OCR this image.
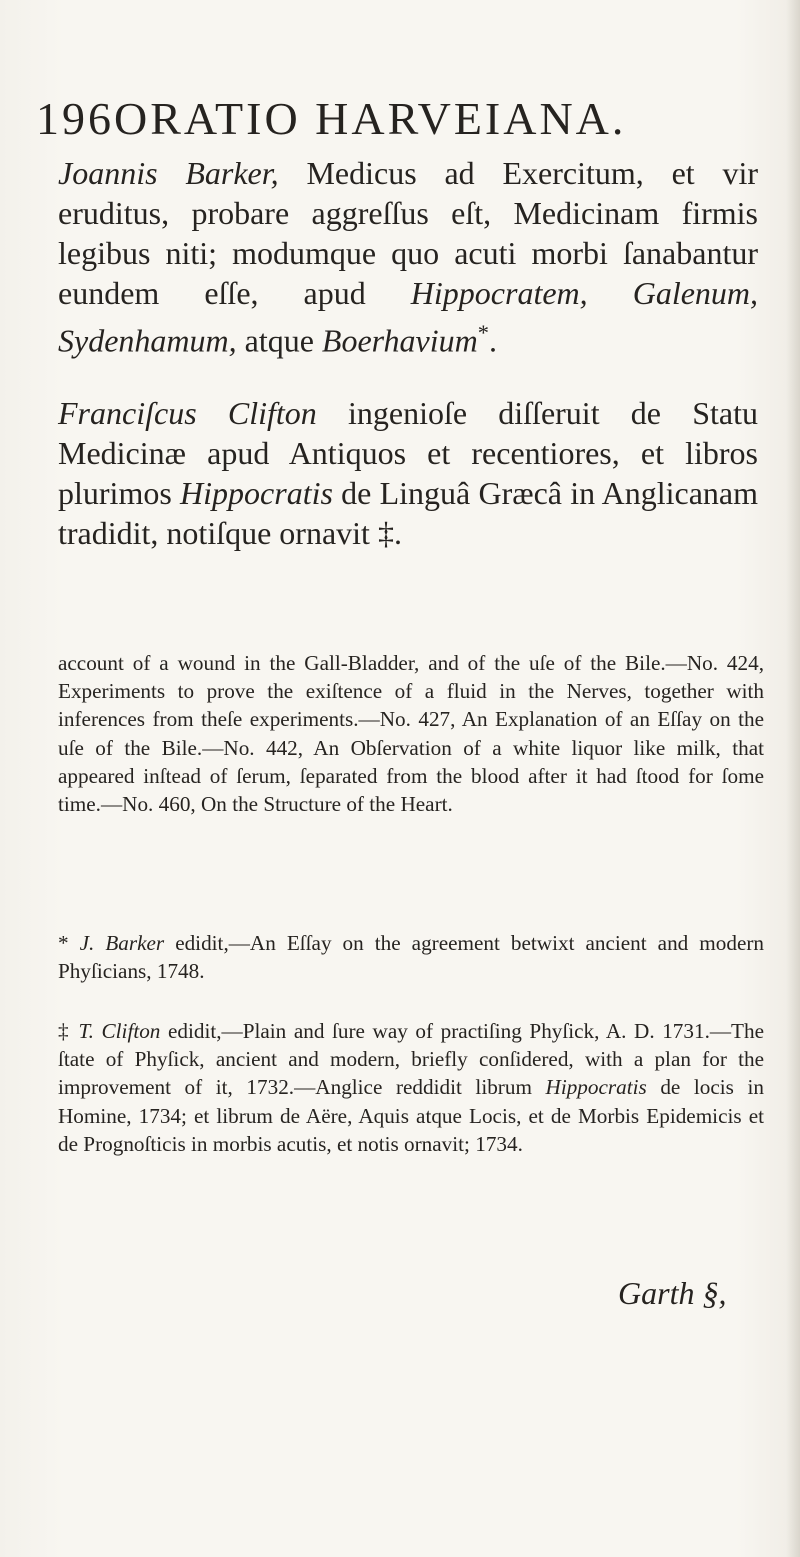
196ORATIO HARVEIANA.
Joannis Barker, Medicus ad Exercitum, et vir eruditus, probare aggreſſus eſt, Medicinam firmis legibus niti; modumque quo acuti morbi ſanabantur eundem eſſe, apud Hippocratem, Galenum, Sydenhamum, atque Boerhavium*.
Franciſcus Clifton ingenioſe diſſeruit de Statu Medicinæ apud Antiquos et recentiores, et libros plurimos Hippocratis de Linguâ Græcâ in Anglicanam tradidit, notiſque ornavit ‡.
account of a wound in the Gall-Bladder, and of the uſe of the Bile.—No. 424, Experiments to prove the exiſtence of a fluid in the Nerves, together with inferences from theſe experiments.—No. 427, An Explanation of an Eſſay on the uſe of the Bile.—No. 442, An Obſervation of a white liquor like milk, that appeared inſtead of ſerum, ſeparated from the blood after it had ſtood for ſome time.—No. 460, On the Structure of the Heart.
* J. Barker edidit,—An Eſſay on the agreement betwixt ancient and modern Phyſicians, 1748.
‡ T. Clifton edidit,—Plain and ſure way of practiſing Phyſick, A. D. 1731.—The ſtate of Phyſick, ancient and modern, briefly conſidered, with a plan for the improvement of it, 1732.—Anglice reddidit librum Hippocratis de locis in Homine, 1734; et librum de Aëre, Aquis atque Locis, et de Morbis Epidemicis et de Prognoſticis in morbis acutis, et notis ornavit; 1734.
Garth §,
